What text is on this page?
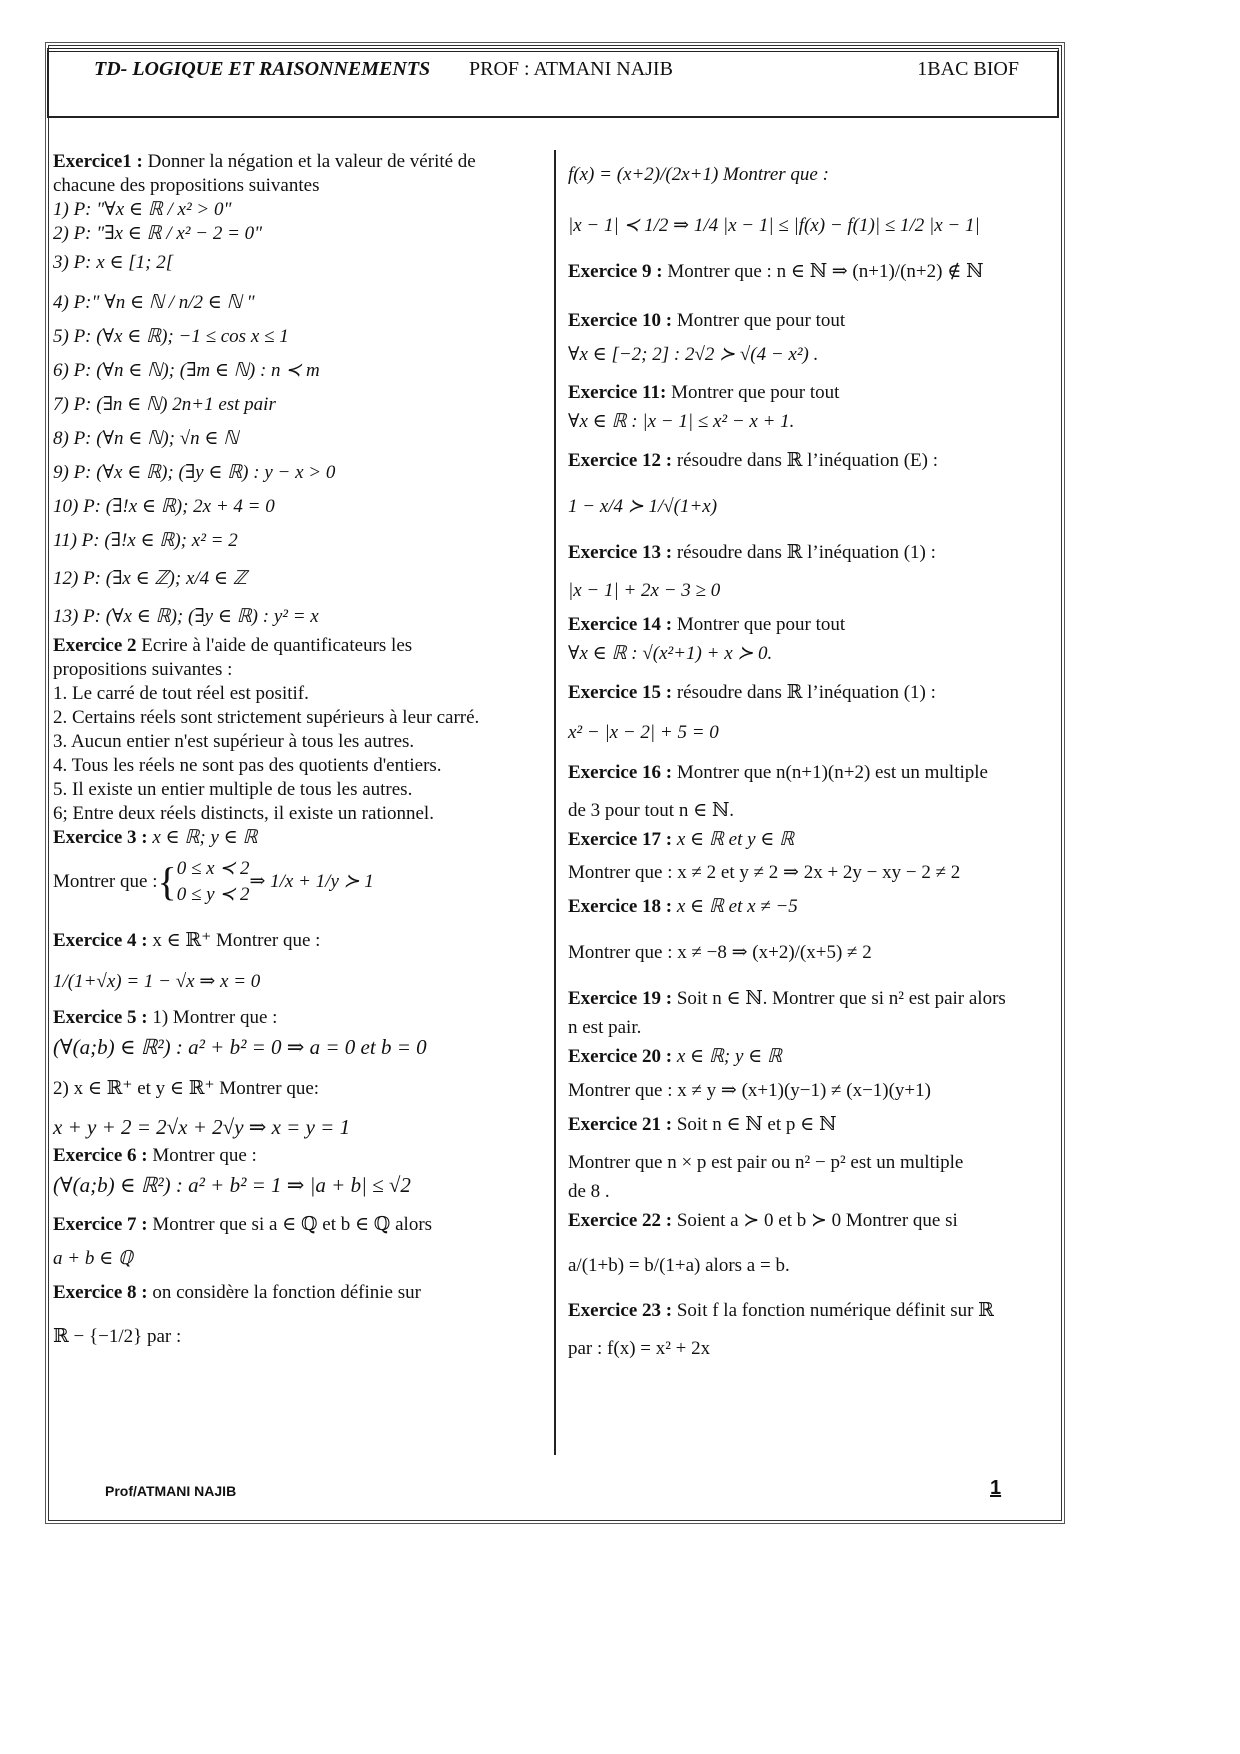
TD- LOGIQUE ET RAISONNEMENTS PROF : ATMANI NAJIB	1BAC BIOF
Exercice1 : Donner la négation et la valeur de vérité de
chacune des propositions suivantes
1) P: "∀x ∈ ℝ / x² > 0"
2) P: "∃x ∈ ℝ / x² − 2 = 0"
3) P: x ∈ [1; 2[
4) P:" ∀n ∈ ℕ / n/2 ∈ ℕ "
5) P: (∀x ∈ ℝ); −1 ≤ cos x ≤ 1
6) P: (∀n ∈ ℕ); (∃m ∈ ℕ) : n ≺ m
7) P: (∃n ∈ ℕ) 2n+1 est pair
8) P: (∀n ∈ ℕ); √n ∈ ℕ
9) P: (∀x ∈ ℝ); (∃y ∈ ℝ) : y − x > 0
10) P: (∃!x ∈ ℝ); 2x + 4 = 0
11) P: (∃!x ∈ ℝ); x² = 2
12) P: (∃x ∈ ℤ); x/4 ∈ ℤ
13) P: (∀x ∈ ℝ); (∃y ∈ ℝ) : y² = x
Exercice 2 Ecrire à l'aide de quantificateurs les
propositions suivantes :
1. Le carré de tout réel est positif.
2. Certains réels sont strictement supérieurs à leur carré.
3. Aucun entier n'est supérieur à tous les autres.
4. Tous les réels ne sont pas des quotients d'entiers.
5. Il existe un entier multiple de tous les autres.
6; Entre deux réels distincts, il existe un rationnel.
Exercice 3 : x ∈ ℝ; y ∈ ℝ
Montrer que : { 0 ≤ x ≺ 2
0 ≤ y ≺ 2
⇒ 1/x + 1/y ≻ 1
Exercice 4 : x ∈ ℝ⁺ Montrer que :
1/(1+√x) = 1 − √x ⇒ x = 0
Exercice 5 : 1) Montrer que :
(∀(a;b) ∈ ℝ²) : a² + b² = 0 ⇒ a = 0 et b = 0
2) x ∈ ℝ⁺ et y ∈ ℝ⁺ Montrer que:
x + y + 2 = 2√x + 2√y ⇒ x = y = 1
Exercice 6 : Montrer que :
(∀(a;b) ∈ ℝ²) : a² + b² = 1 ⇒ |a + b| ≤ √2
Exercice 7 : Montrer que si a ∈ ℚ et b ∈ ℚ alors
a + b ∈ ℚ
Exercice 8 : on considère la fonction définie sur
ℝ − {−1/2} par :
f(x) = (x+2)/(2x+1) Montrer que :
|x − 1| ≺ 1/2 ⇒ 1/4 |x − 1| ≤ |f(x) − f(1)| ≤ 1/2 |x − 1|
Exercice 9 : Montrer que : n ∈ ℕ ⇒ (n+1)/(n+2) ∉ ℕ
Exercice 10 : Montrer que pour tout
∀x ∈ [−2; 2] : 2√2 ≻ √(4 − x²) .
Exercice 11: Montrer que pour tout
∀x ∈ ℝ : |x − 1| ≤ x² − x + 1.
Exercice 12 : résoudre dans ℝ l’inéquation (E) :
1 − x/4 ≻ 1/√(1+x)
Exercice 13 : résoudre dans ℝ l’inéquation (1) :
|x − 1| + 2x − 3 ≥ 0
Exercice 14 : Montrer que pour tout
∀x ∈ ℝ : √(x²+1) + x ≻ 0.
Exercice 15 : résoudre dans ℝ l’inéquation (1) :
x² − |x − 2| + 5 = 0
Exercice 16 : Montrer que n(n+1)(n+2) est un multiple
de 3 pour tout n ∈ ℕ.
Exercice 17 : x ∈ ℝ et y ∈ ℝ
Montrer que : x ≠ 2 et y ≠ 2 ⇒ 2x + 2y − xy − 2 ≠ 2
Exercice 18 : x ∈ ℝ et x ≠ −5
Montrer que : x ≠ −8 ⇒ (x+2)/(x+5) ≠ 2
Exercice 19 : Soit n ∈ ℕ. Montrer que si n² est pair alors
n est pair.
Exercice 20 : x ∈ ℝ; y ∈ ℝ
Montrer que : x ≠ y ⇒ (x+1)(y−1) ≠ (x−1)(y+1)
Exercice 21 : Soit n ∈ ℕ et p ∈ ℕ
Montrer que n × p est pair ou n² − p² est un multiple
de 8 .
Exercice 22 : Soient a ≻ 0 et b ≻ 0 Montrer que si
a/(1+b) = b/(1+a) alors a = b.
Exercice 23 : Soit f la fonction numérique définit sur ℝ
par : f(x) = x² + 2x
Prof/ATMANI NAJIB	1
